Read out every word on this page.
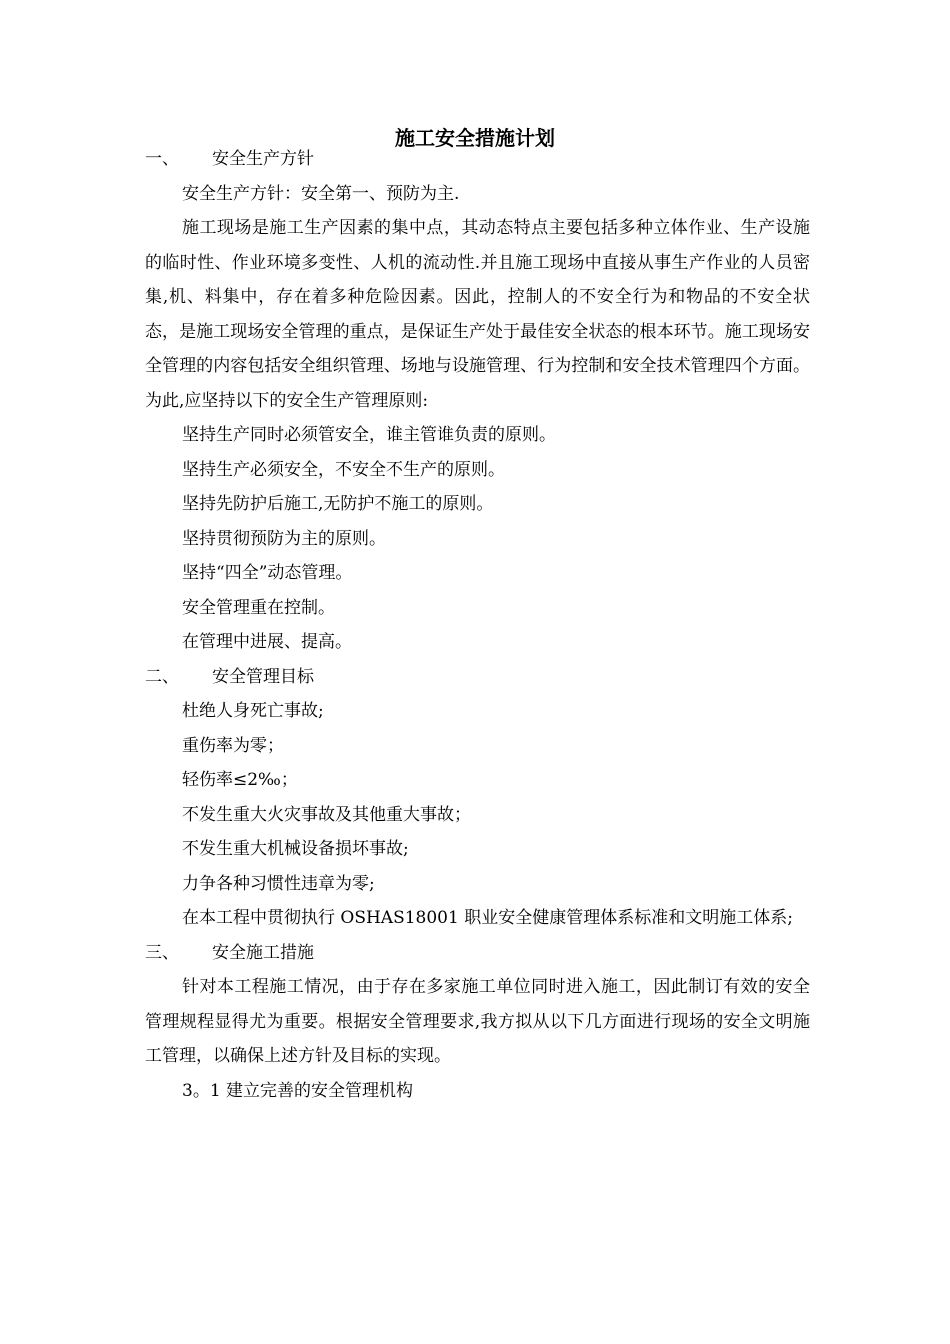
施工安全措施计划
一、 安全生产方针
安全生产方针：安全第一、预防为主.
施工现场是施工生产因素的集中点，其动态特点主要包括多种立体作业、生产设施的临时性、作业环境多变性、人机的流动性.并且施工现场中直接从事生产作业的人员密集,机、料集中，存在着多种危险因素。因此，控制人的不安全行为和物品的不安全状态，是施工现场安全管理的重点，是保证生产处于最佳安全状态的根本环节。施工现场安全管理的内容包括安全组织管理、场地与设施管理、行为控制和安全技术管理四个方面。为此,应坚持以下的安全生产管理原则:
坚持生产同时必须管安全，谁主管谁负责的原则。
坚持生产必须安全，不安全不生产的原则。
坚持先防护后施工,无防护不施工的原则。
坚持贯彻预防为主的原则。
坚持“四全”动态管理。
安全管理重在控制。
在管理中进展、提高。
二、 安全管理目标
杜绝人身死亡事故;
重伤率为零；
轻伤率≤2‰；
不发生重大火灾事故及其他重大事故；
不发生重大机械设备损坏事故;
力争各种习惯性违章为零;
在本工程中贯彻执行 OSHAS18001 职业安全健康管理体系标准和文明施工体系;
三、 安全施工措施
针对本工程施工情况，由于存在多家施工单位同时进入施工，因此制订有效的安全 管理规程显得尤为重要。根据安全管理要求,我方拟从以下几方面进行现场的安全文明施工管理，以确保上述方针及目标的实现。
3。1 建立完善的安全管理机构
